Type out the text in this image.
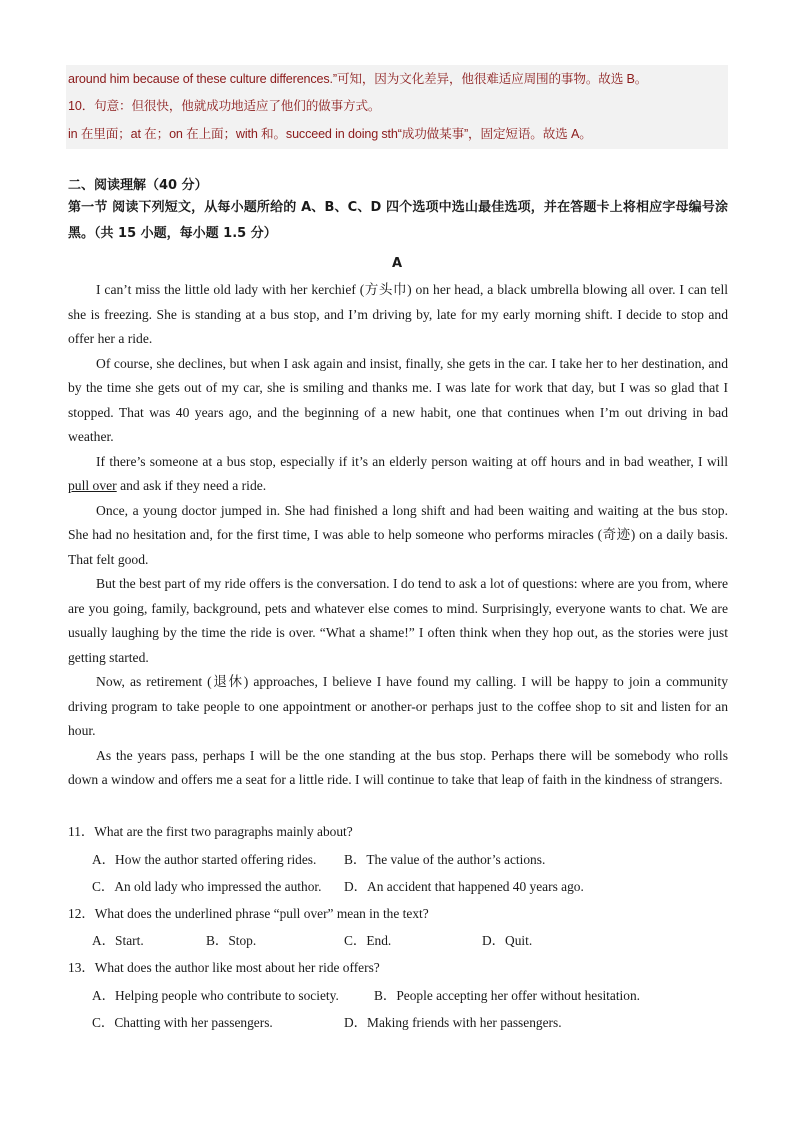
around him because of these culture differences.”可知，因为文化差异，他很难适应周围的事物。故选 B。
10．句意：但很快，他就成功地适应了他们的做事方式。
in 在里面；at 在；on 在上面；with 和。succeed in doing sth“成功做某事”，固定短语。故选 A。
二、阅读理解（40 分）
第一节 阅读下列短文，从每小题所给的 A、B、C、D 四个选项中选山最佳选项，并在答题卡上将相应字母编号涂黑。（共 15 小题，每小题 1.5 分）
A

I can’t miss the little old lady with her kerchief (方头巾) on her head, a black umbrella blowing all over. I can tell she is freezing. She is standing at a bus stop, and I’m driving by, late for my early morning shift. I decide to stop and offer her a ride.

Of course, she declines, but when I ask again and insist, finally, she gets in the car. I take her to her destination, and by the time she gets out of my car, she is smiling and thanks me. I was late for work that day, but I was so glad that I stopped. That was 40 years ago, and the beginning of a new habit, one that continues when I’m out driving in bad weather.

If there’s someone at a bus stop, especially if it’s an elderly person waiting at off hours and in bad weather, I will pull over and ask if they need a ride.

Once, a young doctor jumped in. She had finished a long shift and had been waiting and waiting at the bus stop. She had no hesitation and, for the first time, I was able to help someone who performs miracles (奇迹) on a daily basis. That felt good.

But the best part of my ride offers is the conversation. I do tend to ask a lot of questions: where are you from, where are you going, family, background, pets and whatever else comes to mind. Surprisingly, everyone wants to chat. We are usually laughing by the time the ride is over. “What a shame!” I often think when they hop out, as the stories were just getting started.

Now, as retirement (退休) approaches, I believe I have found my calling. I will be happy to join a community driving program to take people to one appointment or another-or perhaps just to the coffee shop to sit and listen for an hour.

As the years pass, perhaps I will be the one standing at the bus stop. Perhaps there will be somebody who rolls down a window and offers me a seat for a little ride. I will continue to take that leap of faith in the kindness of strangers.

11．What are the first two paragraphs mainly about?
A．How the author started offering rides. B．The value of the author’s actions.
C．An old lady who impressed the author. D．An accident that happened 40 years ago.
12．What does the underlined phrase “pull over” mean in the text?
A．Start.	B．Stop.	C．End.	D．Quit.
13．What does the author like most about her ride offers?
A．Helping people who contribute to society.	B．People accepting her offer without hesitation.
C．Chatting with her passengers.	D．Making friends with her passengers.
